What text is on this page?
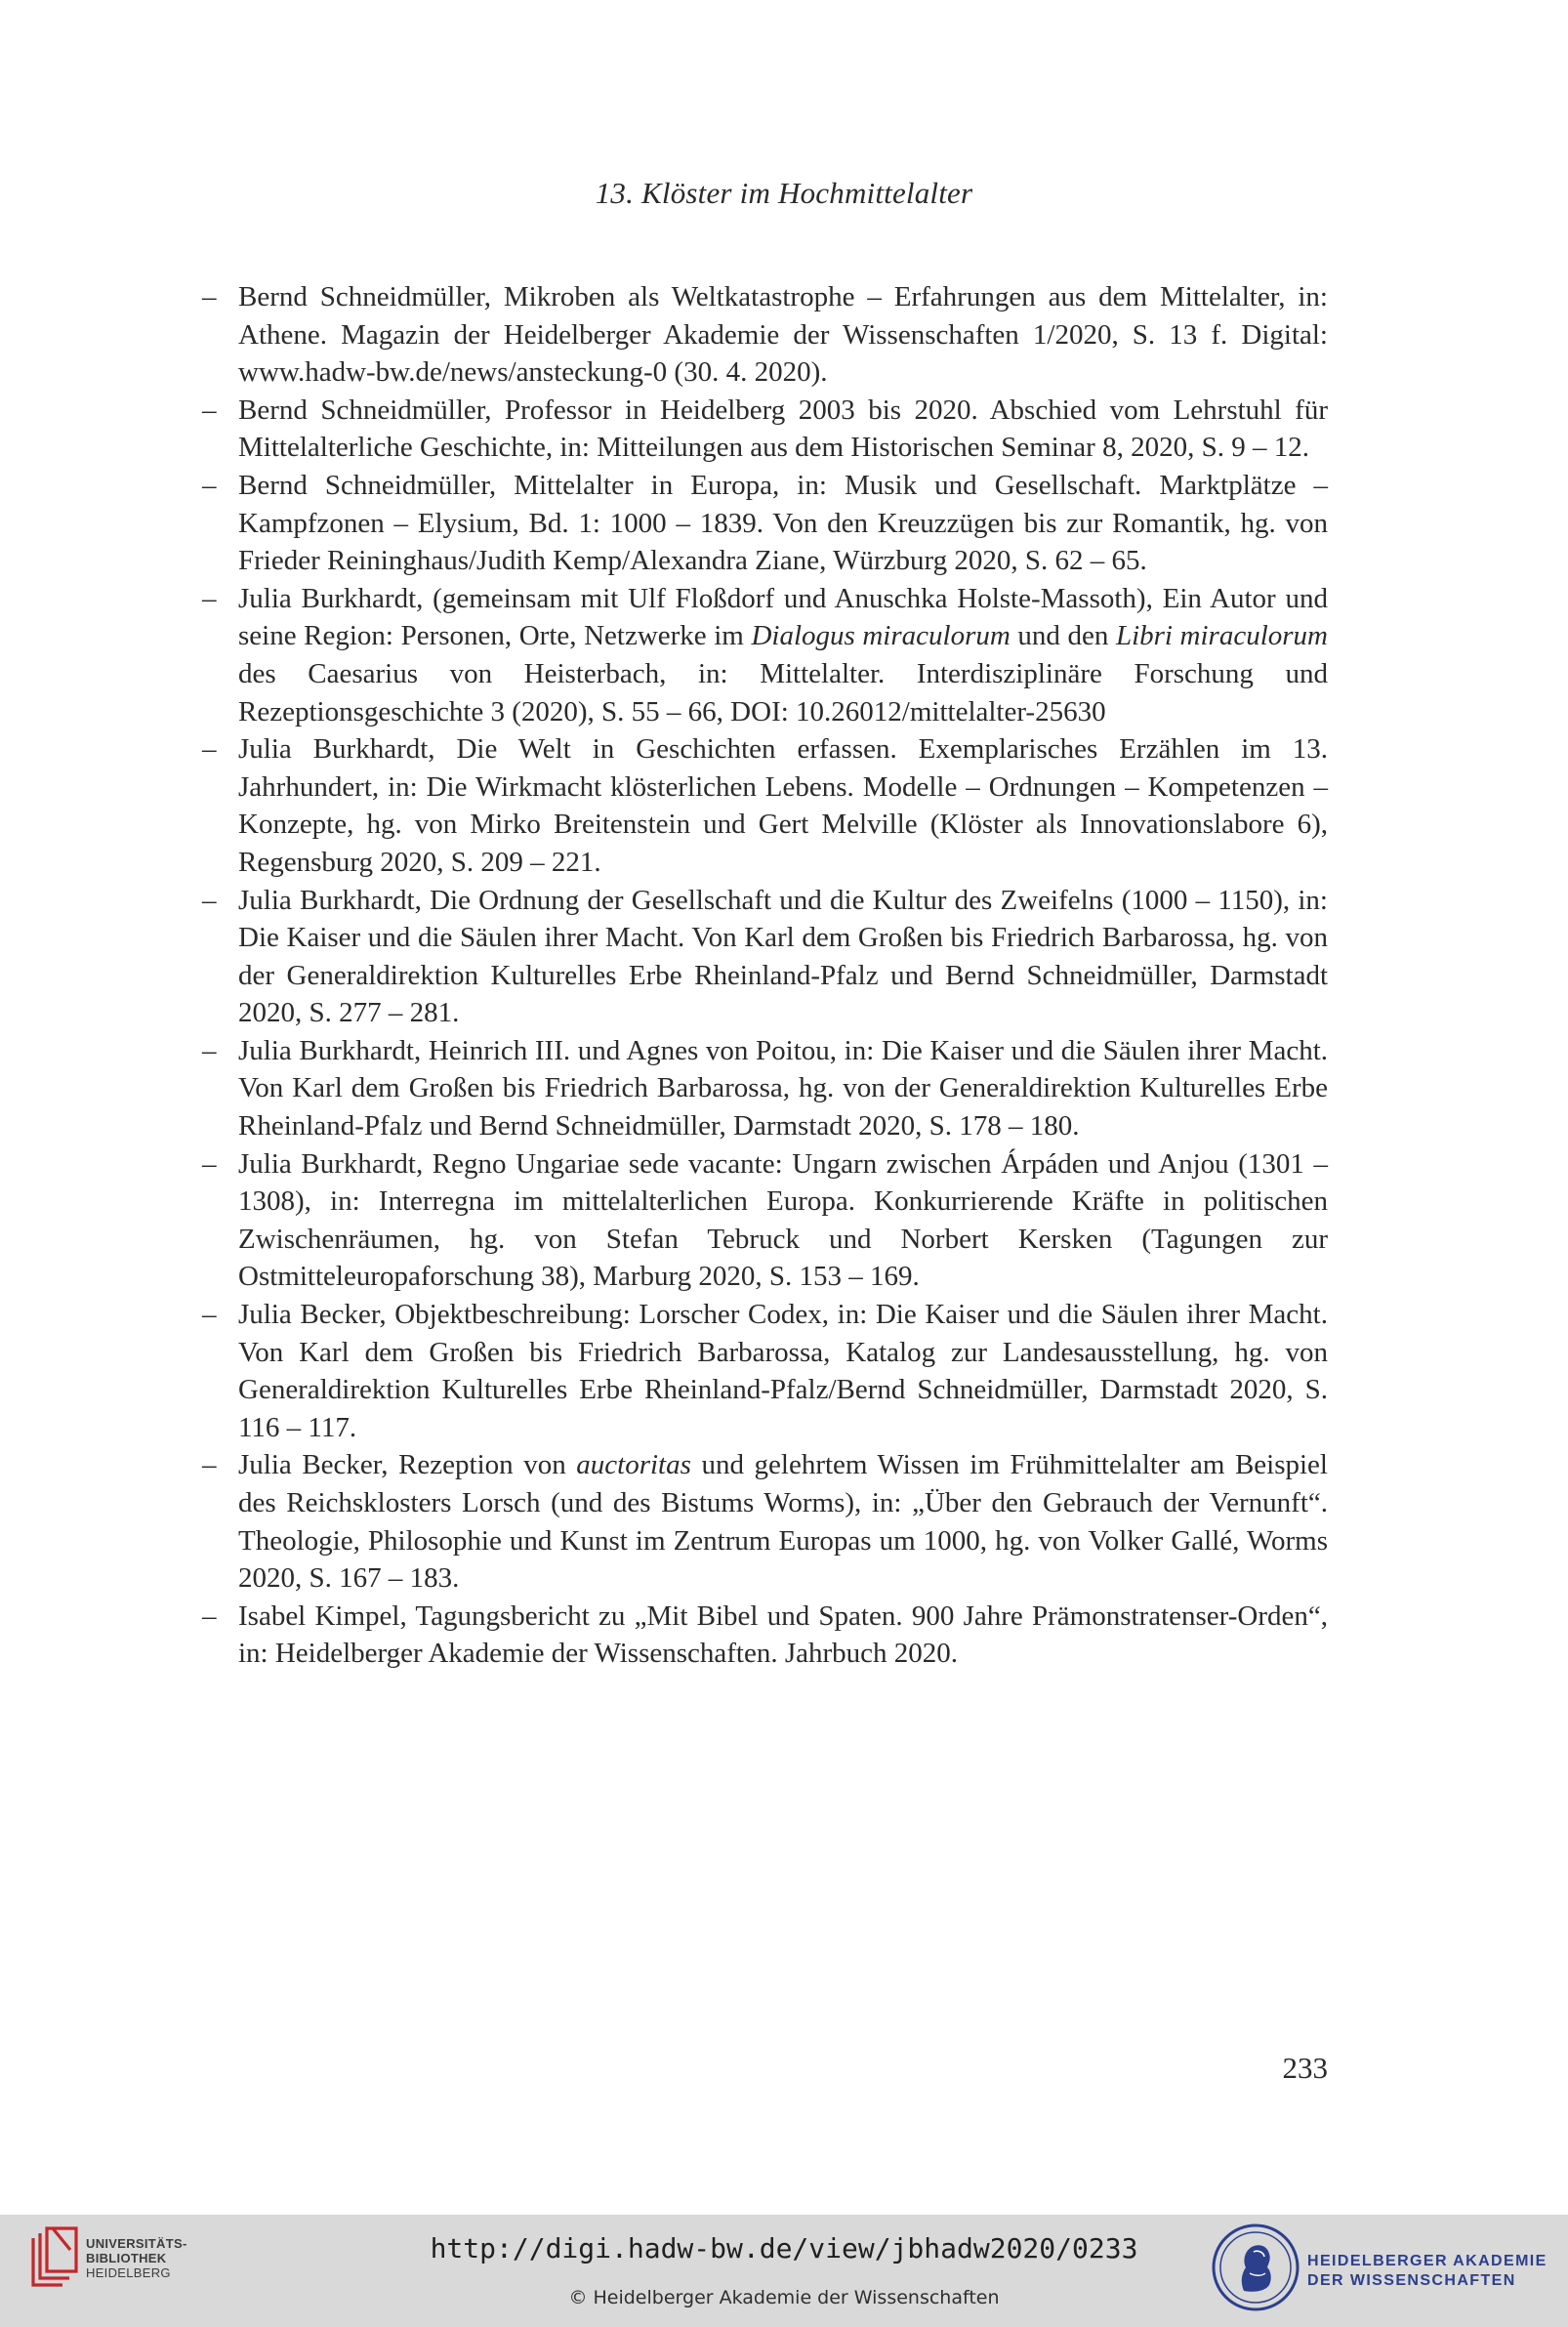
13. Klöster im Hochmittelalter
– Bernd Schneidmüller, Mikroben als Weltkatastrophe – Erfahrungen aus dem Mittelalter, in: Athene. Magazin der Heidelberger Akademie der Wissenschaften 1/2020, S. 13 f. Digital: www.hadw-bw.de/news/ansteckung-0 (30. 4. 2020).
– Bernd Schneidmüller, Professor in Heidelberg 2003 bis 2020. Abschied vom Lehrstuhl für Mittelalterliche Geschichte, in: Mitteilungen aus dem Historischen Seminar 8, 2020, S. 9 – 12.
– Bernd Schneidmüller, Mittelalter in Europa, in: Musik und Gesellschaft. Marktplätze – Kampfzonen – Elysium, Bd. 1: 1000 – 1839. Von den Kreuzzügen bis zur Romantik, hg. von Frieder Reininghaus/Judith Kemp/Alexandra Ziane, Würzburg 2020, S. 62 – 65.
– Julia Burkhardt, (gemeinsam mit Ulf Floßdorf und Anuschka Holste-Massoth), Ein Autor und seine Region: Personen, Orte, Netzwerke im Dialogus miraculorum und den Libri miraculorum des Caesarius von Heisterbach, in: Mittelalter. Interdisziplinäre Forschung und Rezeptionsgeschichte 3 (2020), S. 55 – 66, DOI: 10.26012/mittelalter-25630
– Julia Burkhardt, Die Welt in Geschichten erfassen. Exemplarisches Erzählen im 13. Jahrhundert, in: Die Wirkmacht klösterlichen Lebens. Modelle – Ordnungen – Kompetenzen – Konzepte, hg. von Mirko Breitenstein und Gert Melville (Klöster als Innovationslabore 6), Regensburg 2020, S. 209 – 221.
– Julia Burkhardt, Die Ordnung der Gesellschaft und die Kultur des Zweifelns (1000 – 1150), in: Die Kaiser und die Säulen ihrer Macht. Von Karl dem Großen bis Friedrich Barbarossa, hg. von der Generaldirektion Kulturelles Erbe Rheinland-Pfalz und Bernd Schneidmüller, Darmstadt 2020, S. 277 – 281.
– Julia Burkhardt, Heinrich III. und Agnes von Poitou, in: Die Kaiser und die Säulen ihrer Macht. Von Karl dem Großen bis Friedrich Barbarossa, hg. von der Generaldirektion Kulturelles Erbe Rheinland-Pfalz und Bernd Schneidmüller, Darmstadt 2020, S. 178 – 180.
– Julia Burkhardt, Regno Ungariae sede vacante: Ungarn zwischen Árpáden und Anjou (1301 – 1308), in: Interregna im mittelalterlichen Europa. Konkurrierende Kräfte in politischen Zwischenräumen, hg. von Stefan Tebruck und Norbert Kersken (Tagungen zur Ostmitteleuropaforschung 38), Marburg 2020, S. 153 – 169.
– Julia Becker, Objektbeschreibung: Lorscher Codex, in: Die Kaiser und die Säulen ihrer Macht. Von Karl dem Großen bis Friedrich Barbarossa, Katalog zur Landesausstellung, hg. von Generaldirektion Kulturelles Erbe Rheinland-Pfalz/Bernd Schneidmüller, Darmstadt 2020, S. 116 – 117.
– Julia Becker, Rezeption von auctoritas und gelehrtem Wissen im Frühmittelalter am Beispiel des Reichsklosters Lorsch (und des Bistums Worms), in: „Über den Gebrauch der Vernunft“. Theologie, Philosophie und Kunst im Zentrum Europas um 1000, hg. von Volker Gallé, Worms 2020, S. 167 – 183.
– Isabel Kimpel, Tagungsbericht zu „Mit Bibel und Spaten. 900 Jahre Prämonstratenser-Orden“, in: Heidelberger Akademie der Wissenschaften. Jahrbuch 2020.
233
UNIVERSITÄTS-
BIBLIOTHEK
HEIDELBERG
http://digi.hadw-bw.de/view/jbhadw2020/0233
© Heidelberger Akademie der Wissenschaften
HEIDELBERGER AKADEMIE
DER WISSENSCHAFTEN
